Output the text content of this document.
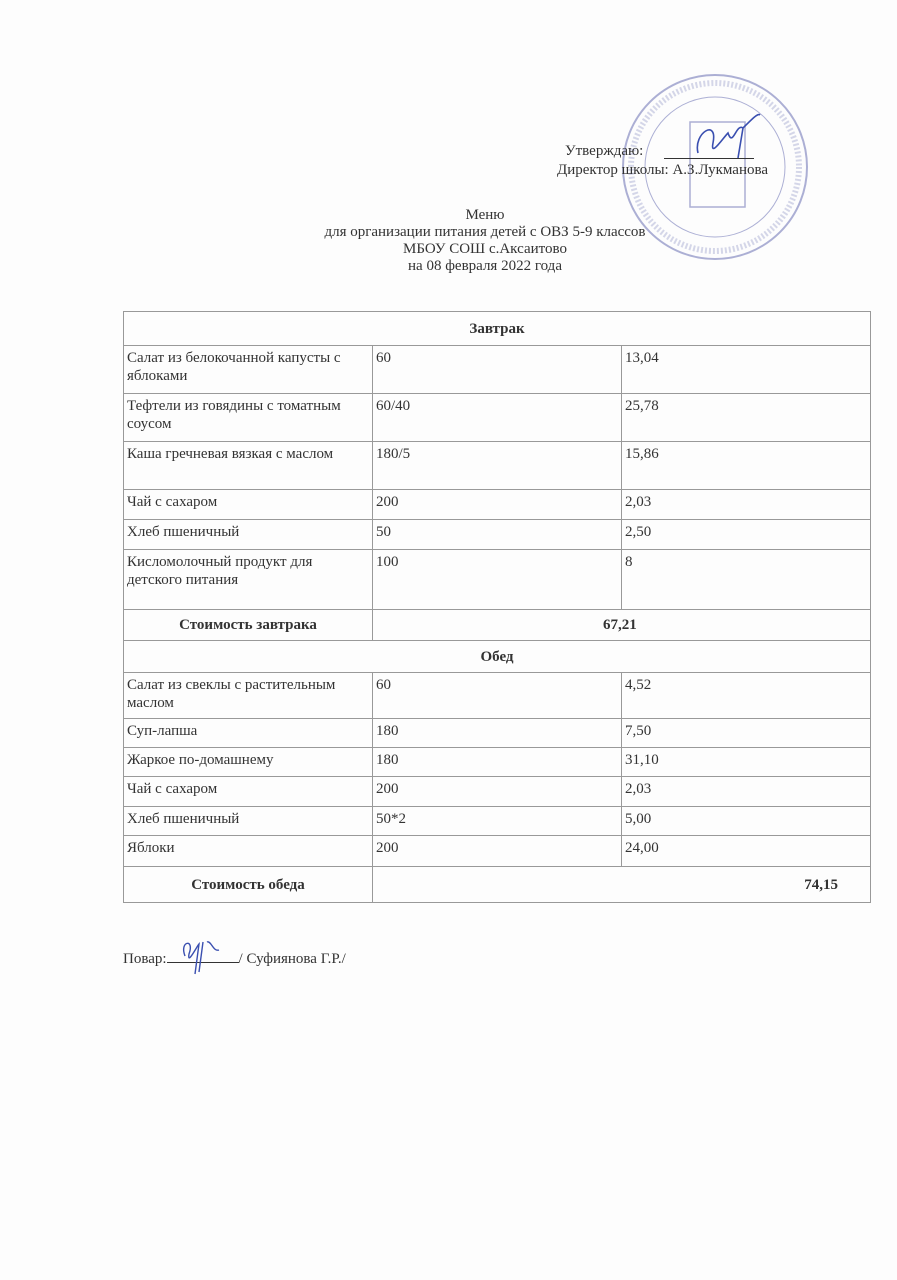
Утверждаю:
Директор школы: А.З.Лукманова
Меню
для организации питания детей с ОВЗ 5-9 классов
МБОУ СОШ с.Аксаитово
на 08 февраля 2022 года
Завтрак		
Салат из белокочанной капусты с яблоками	60	13,04
Тефтели из говядины с томатным соусом	60/40	25,78
Каша гречневая вязкая с маслом	180/5	15,86
Чай с сахаром	200	2,03
Хлеб пшеничный	50	2,50
Кисломолочный продукт для детского питания	100	8
Стоимость завтрака	67,21	
Обед		
Салат из свеклы с растительным маслом	60	4,52
Суп-лапша	180	7,50
Жаркое по-домашнему	180	31,10
Чай с сахаром	200	2,03
Хлеб пшеничный	50*2	5,00
Яблоки	200	24,00
Стоимость обеда	74,15	
Повар:	/ Суфиянова Г.Р./
